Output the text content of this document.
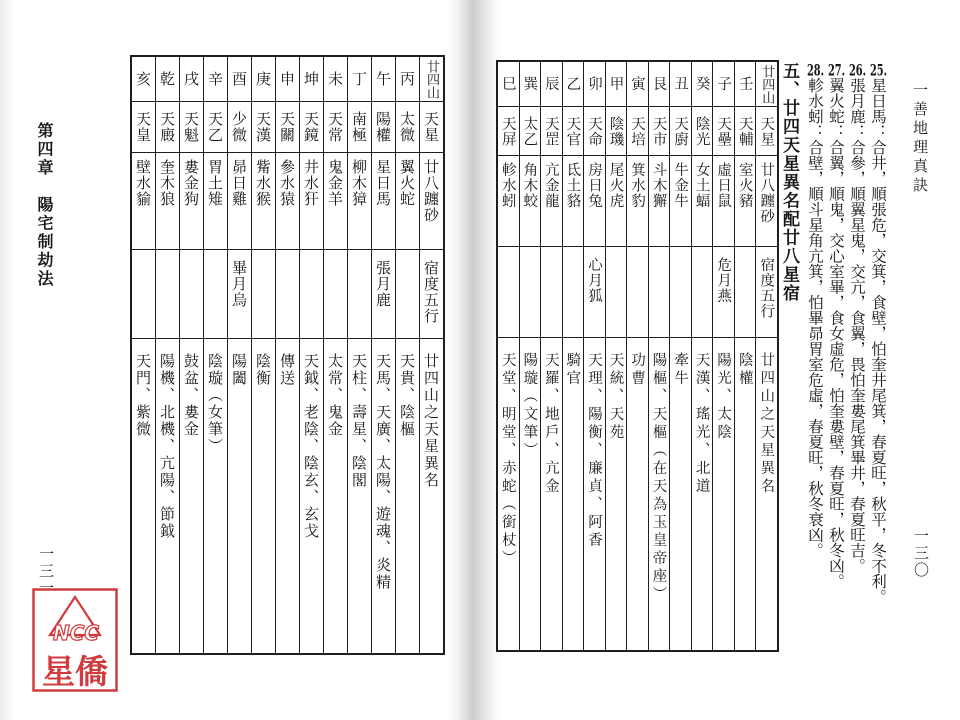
第四章　陽宅制劫法
一三一
廿四山
丙
午
丁
未
坤
申
庚
酉
辛
戌
乾
亥
天星
太微
陽權
南極
天常
天鏡
天關
天漢
少微
天乙
天魁
天廄
天皇
廿八躔砂
翼火蛇
星日馬
柳木獐
鬼金羊
井水犴
參水猿
觜水猴
昴日雞
胃土雉
婁金狗
奎木狼
壁水貐
宿度五行
張月鹿
畢月烏
廿四山之天星異名
天貴、陰樞
天馬、天廣、太陽、遊魂、炎精
天柱、壽星、陰閣
太常、鬼金
天鉞、老陰、陰玄、玄戈
傳送
陰衡
陽闔
陰璇（女筆）
鼓盆、婁金
陽機、北機、亢陽、節鉞
天門、紫微
一善地理真訣
一三〇
25.星日馬：合井，順張危，交箕，食壁，怕奎井尾箕，春夏旺，秋平，冬不利。
26.張月鹿：合參，順翼星鬼，交亢，食翼，畏怕奎婁尾箕畢井，春夏旺吉。
27.翼火蛇：合翼，順鬼，交心室畢，食女虛危，怕奎婁壁，春夏旺，秋冬凶。
28.軫水蚓：合壁，順斗星角亢箕，怕畢昴胃室危虛，春夏旺，秋冬衰凶。
五、廿四天星異名配廿八星宿
廿四山
壬
子
癸
丑
艮
寅
甲
卯
乙
辰
巽
巳
天星
天輔
天壘
陰光
天廚
天市
天培
陰璣
天命
天官
天罡
太乙
天屏
廿八躔砂
室火豬
虛日鼠
女土蝠
牛金牛
斗木獬
箕水豹
尾火虎
房日兔
氐土貉
亢金龍
角木蛟
軫水蚓
宿度五行
危月燕
心月狐
廿四山之天星異名
陰權
陽光、太陰
天漢、瑤光、北道
牽牛
陽樞、天樞（在天為玉皇帝座）
功曹
天統、天苑
天理、陽衡、廉貞、阿香
騎官
天羅、地戶、亢金
陽璇（文筆）
天堂、明堂、赤蛇（銜杖）
NCC
星僑
